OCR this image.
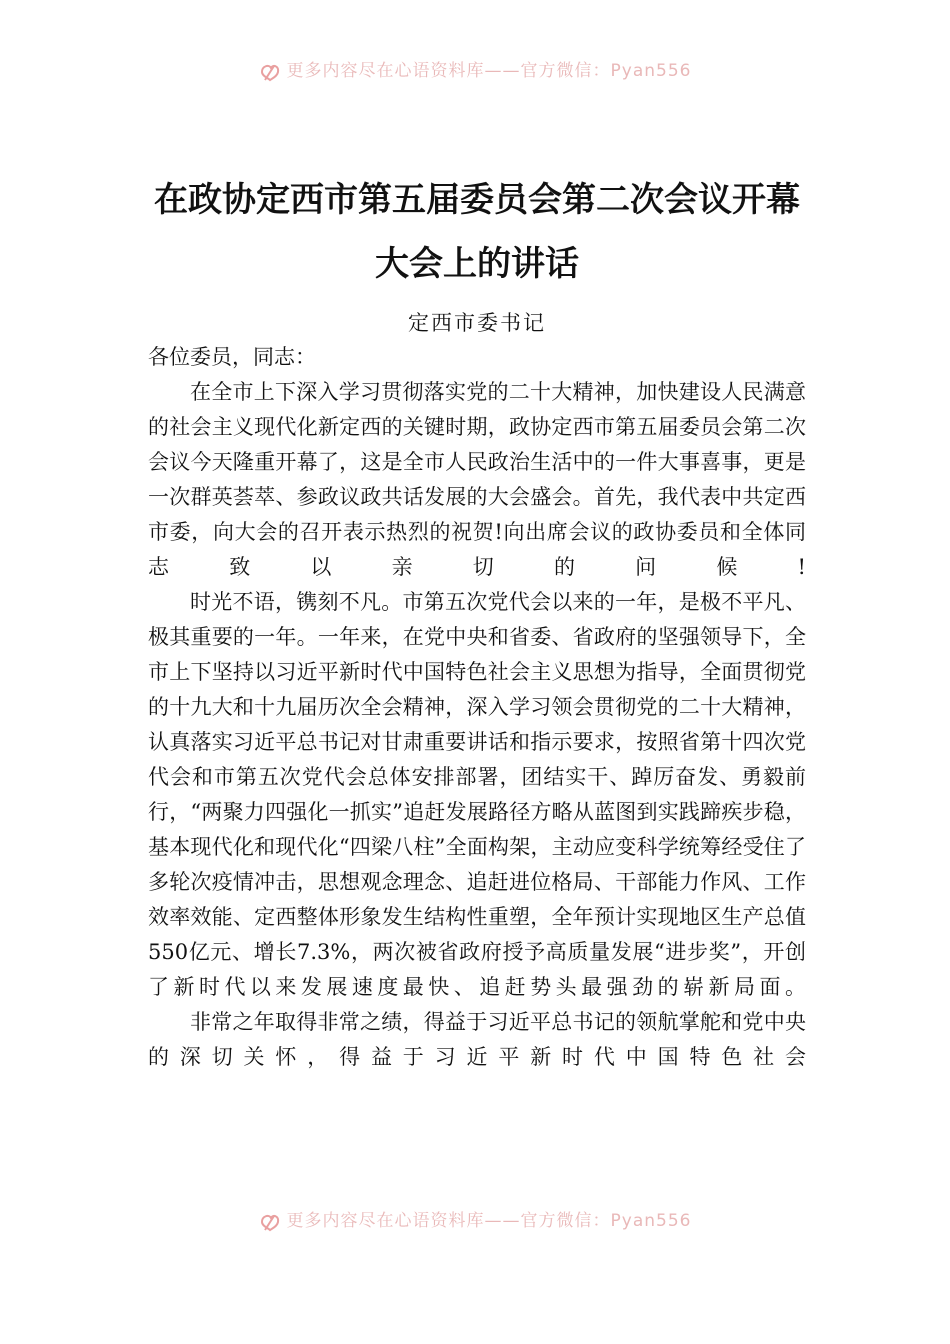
更多内容尽在心语资料库——官方微信：Pyan556
在政协定西市第五届委员会第二次会议开幕大会上的讲话
定西市委书记

各位委员，同志：

在全市上下深入学习贯彻落实党的二十大精神，加快建设人民满意的社会主义现代化新定西的关键时期，政协定西市第五届委员会第二次会议今天隆重开幕了，这是全市人民政治生活中的一件大事喜事，更是一次群英荟萃、参政议政共话发展的大会盛会。首先，我代表中共定西市委，向大会的召开表示热烈的祝贺!向出席会议的政协委员和全体同志致以亲切的问候!

时光不语，镌刻不凡。市第五次党代会以来的一年，是极不平凡、极其重要的一年。一年来，在党中央和省委、省政府的坚强领导下，全市上下坚持以习近平新时代中国特色社会主义思想为指导，全面贯彻党的十九大和十九届历次全会精神，深入学习领会贯彻党的二十大精神，认真落实习近平总书记对甘肃重要讲话和指示要求，按照省第十四次党代会和市第五次党代会总体安排部署，团结实干、踔厉奋发、勇毅前行，“两聚力四强化一抓实”追赶发展路径方略从蓝图到实践蹄疾步稳，基本现代化和现代化“四梁八柱”全面构架，主动应变科学统筹经受住了多轮次疫情冲击，思想观念理念、追赶进位格局、干部能力作风、工作效率效能、定西整体形象发生结构性重塑，全年预计实现地区生产总值550亿元、增长7.3%，两次被省政府授予高质量发展“进步奖”，开创了新时代以来发展速度最快、追赶势头最强劲的崭新局面。

非常之年取得非常之绩，得益于习近平总书记的领航掌舵和党中央的深切关怀，得益于习近平新时代中国特色社会

更多内容尽在心语资料库——官方微信：Pyan556
